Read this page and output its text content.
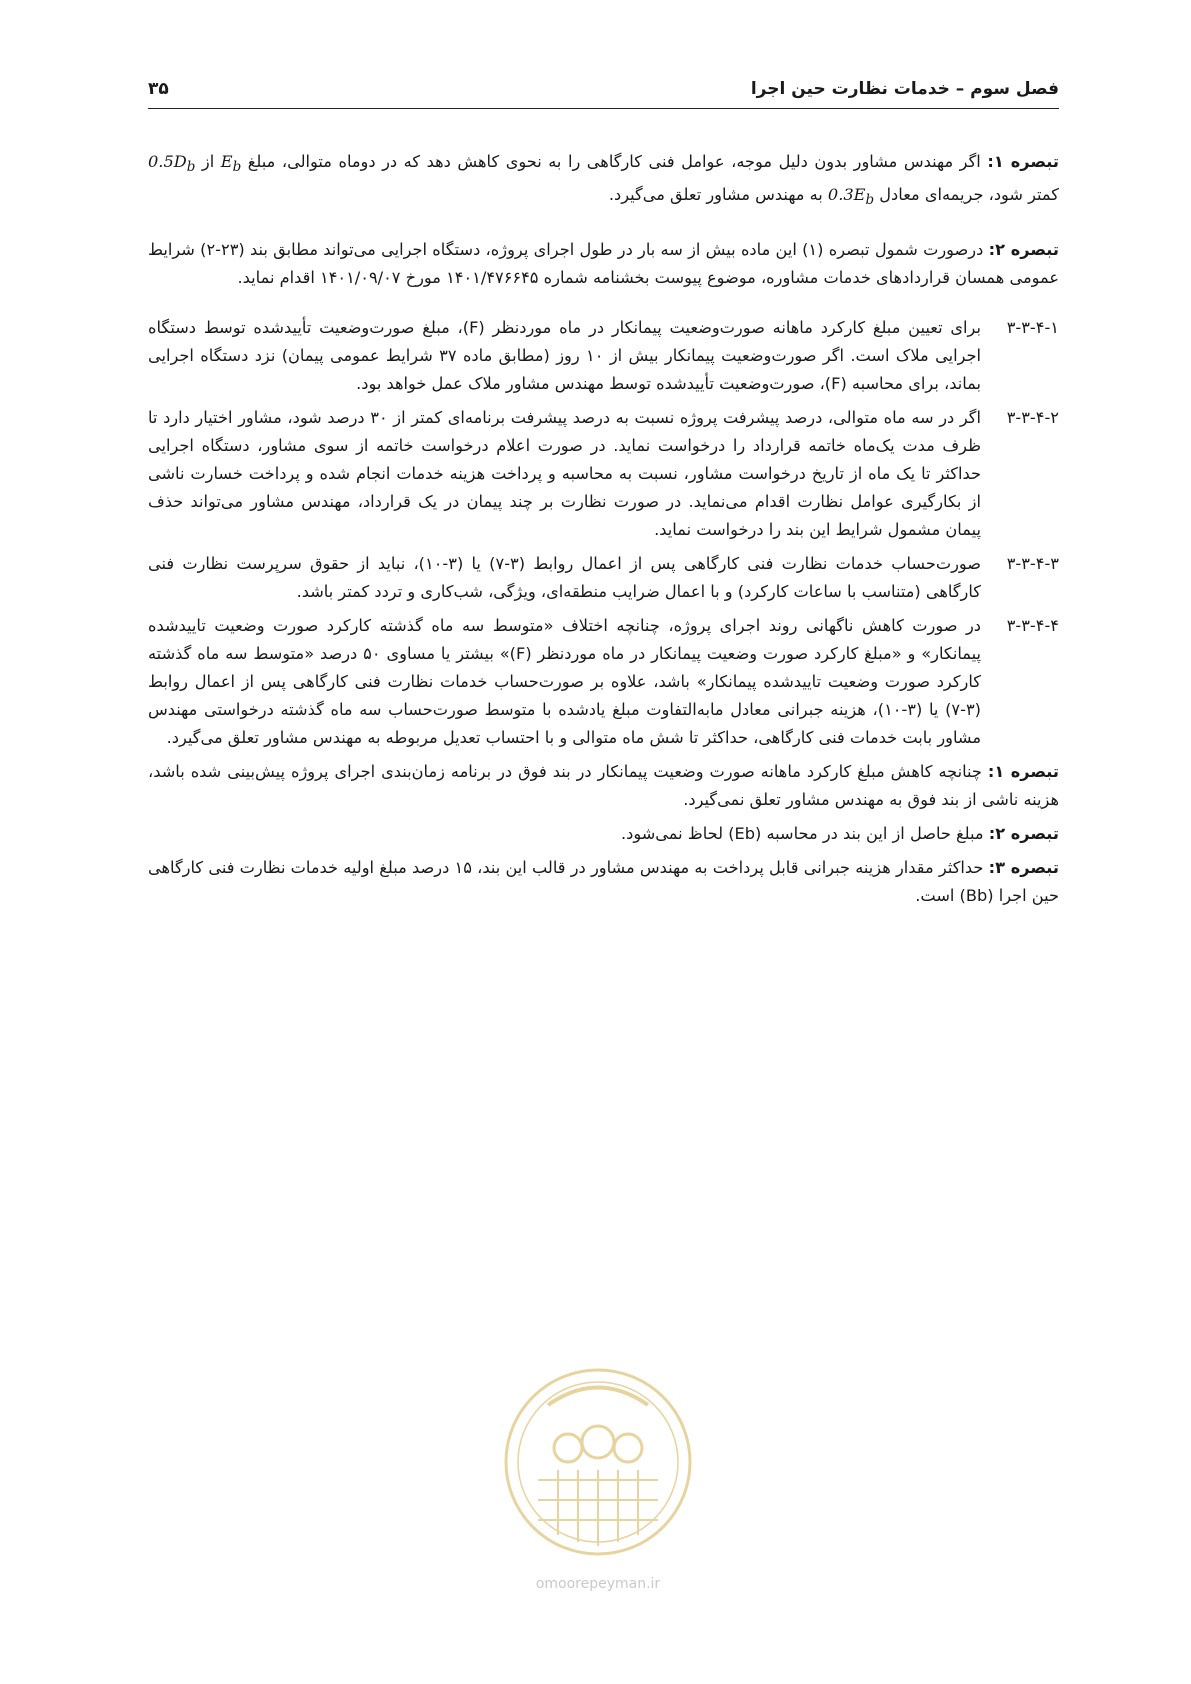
فصل سوم – خدمات نظارت حین اجرا
۳۵

تبصره ۱: اگر مهندس مشاور بدون دلیل موجه، عوامل فنی کارگاهی را به نحوی کاهش دهد که در دوماه متوالی، مبلغ $E_b$ از $0.5D_b$ کمتر شود، جریمه‌ای معادل $0.3E_b$ به مهندس مشاور تعلق می‌گیرد.

تبصره ۲: درصورت شمول تبصره (۱) این ماده بیش از سه بار در طول اجرای پروژه، دستگاه اجرایی می‌تواند مطابق بند (۲۳-۲) شرایط عمومی همسان قراردادهای خدمات مشاوره، موضوع پیوست بخشنامه شماره ۱۴۰۱/۴۷۶۶۴۵ مورخ ۱۴۰۱/۰۹/۰۷ اقدام نماید.

۳-۳-۴-۱
برای تعیین مبلغ کارکرد ماهانه صورت‌وضعیت پیمانکار در ماه موردنظر (F)، مبلغ صورت‌وضعیت تأییدشده توسط دستگاه اجرایی ملاک است. اگر صورت‌وضعیت پیمانکار بیش از ۱۰ روز (مطابق ماده ۳۷ شرایط عمومی پیمان) نزد دستگاه اجرایی بماند، برای محاسبه (F)، صورت‌وضعیت تأییدشده توسط مهندس مشاور ملاک عمل خواهد بود.
۳-۳-۴-۲
اگر در سه ماه متوالی، درصد پیشرفت پروژه نسبت به درصد پیشرفت برنامه‌ای کمتر از ۳۰ درصد شود، مشاور اختیار دارد تا ظرف مدت یک‌ماه خاتمه قرارداد را درخواست نماید. در صورت اعلام درخواست خاتمه از سوی مشاور، دستگاه اجرایی حداکثر تا یک ماه از تاریخ درخواست مشاور، نسبت به محاسبه و پرداخت هزینه خدمات انجام شده و پرداخت خسارت ناشی از بکارگیری عوامل نظارت اقدام می‌نماید. در صورت نظارت بر چند پیمان در یک قرارداد، مهندس مشاور می‌تواند حذف پیمان مشمول شرایط این بند را درخواست نماید.
۳-۳-۴-۳
صورت‌حساب خدمات نظارت فنی کارگاهی پس از اعمال روابط (۳-۷) یا (۳-۱۰)، نباید از حقوق سرپرست نظارت فنی کارگاهی (متناسب با ساعات کارکرد) و با اعمال ضرایب منطقه‌ای، ویژگی، شب‌کاری و تردد کمتر باشد.
۳-۳-۴-۴
در صورت کاهش ناگهانی روند اجرای پروژه، چنانچه اختلاف «متوسط سه ماه گذشته کارکرد صورت وضعیت تاییدشده پیمانکار» و «مبلغ کارکرد صورت وضعیت پیمانکار در ماه موردنظر (F)» بیشتر یا مساوی ۵۰ درصد «متوسط سه ماه گذشته کارکرد صورت وضعیت تاییدشده پیمانکار» باشد، علاوه بر صورت‌حساب خدمات نظارت فنی کارگاهی پس از اعمال روابط (۳-۷) یا (۳-۱۰)، هزینه جبرانی معادل مابه‌التفاوت مبلغ یادشده با متوسط صورت‌حساب سه ماه گذشته درخواستی مهندس مشاور بابت خدمات فنی کارگاهی، حداکثر تا شش ماه متوالی و با احتساب تعدیل مربوطه به مهندس مشاور تعلق می‌گیرد.

تبصره ۱: چنانچه کاهش مبلغ کارکرد ماهانه صورت وضعیت پیمانکار در بند فوق در برنامه زمان‌بندی اجرای پروژه پیش‌بینی شده باشد، هزینه ناشی از بند فوق به مهندس مشاور تعلق نمی‌گیرد.

تبصره ۲: مبلغ حاصل از این بند در محاسبه (Eb) لحاظ نمی‌شود.

تبصره ۳: حداکثر مقدار هزینه جبرانی قابل پرداخت به مهندس مشاور در قالب این بند، ۱۵ درصد مبلغ اولیه خدمات نظارت فنی کارگاهی حین اجرا (Bb) است.

omoorepeyman.ir
